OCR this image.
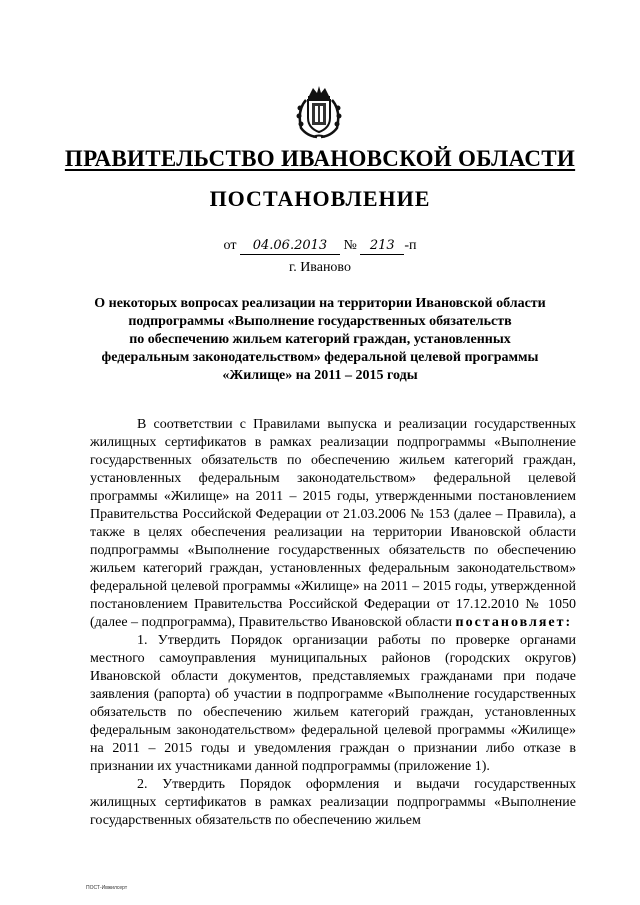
ПРАВИТЕЛЬСТВО ИВАНОВСКОЙ ОБЛАСТИ
ПОСТАНОВЛЕНИЕ
от 04.06.2013 № 213 -п
г. Иваново
О некоторых вопросах реализации на территории Ивановской области
подпрограммы «Выполнение государственных обязательств
по обеспечению жильем категорий граждан, установленных
федеральным законодательством» федеральной целевой программы
«Жилище» на 2011 – 2015 годы

В соответствии с Правилами выпуска и реализации государственных жилищных сертификатов в рамках реализации подпрограммы «Выполнение государственных обязательств по обеспечению жильем категорий граждан, установленных федеральным законодательством» федеральной целевой программы «Жилище» на 2011 – 2015 годы, утвержденными постановлением Правительства Российской Федерации от 21.03.2006 № 153 (далее – Правила), а также в целях обеспечения реализации на территории Ивановской области подпрограммы «Выполнение государственных обязательств по обеспечению жильем категорий граждан, установленных федеральным законодательством» федеральной целевой программы «Жилище» на 2011 – 2015 годы, утвержденной постановлением Правительства Российской Федерации от 17.12.2010 № 1050 (далее – подпрограмма), Правительство Ивановской области постановляет:

1. Утвердить Порядок организации работы по проверке органами местного самоуправления муниципальных районов (городских округов) Ивановской области документов, представляемых гражданами при подаче заявления (рапорта) об участии в подпрограмме «Выполнение государственных обязательств по обеспечению жильем категорий граждан, установленных федеральным законодательством» федеральной целевой программы «Жилище» на 2011 – 2015 годы и уведомления граждан о признании либо отказе в признании их участниками данной подпрограммы (приложение 1).

2. Утвердить Порядок оформления и выдачи государственных жилищных сертификатов в рамках реализации подпрограммы «Выполнение государственных обязательств по обеспечению жильем

ПОСТ-Ивжилсерт
